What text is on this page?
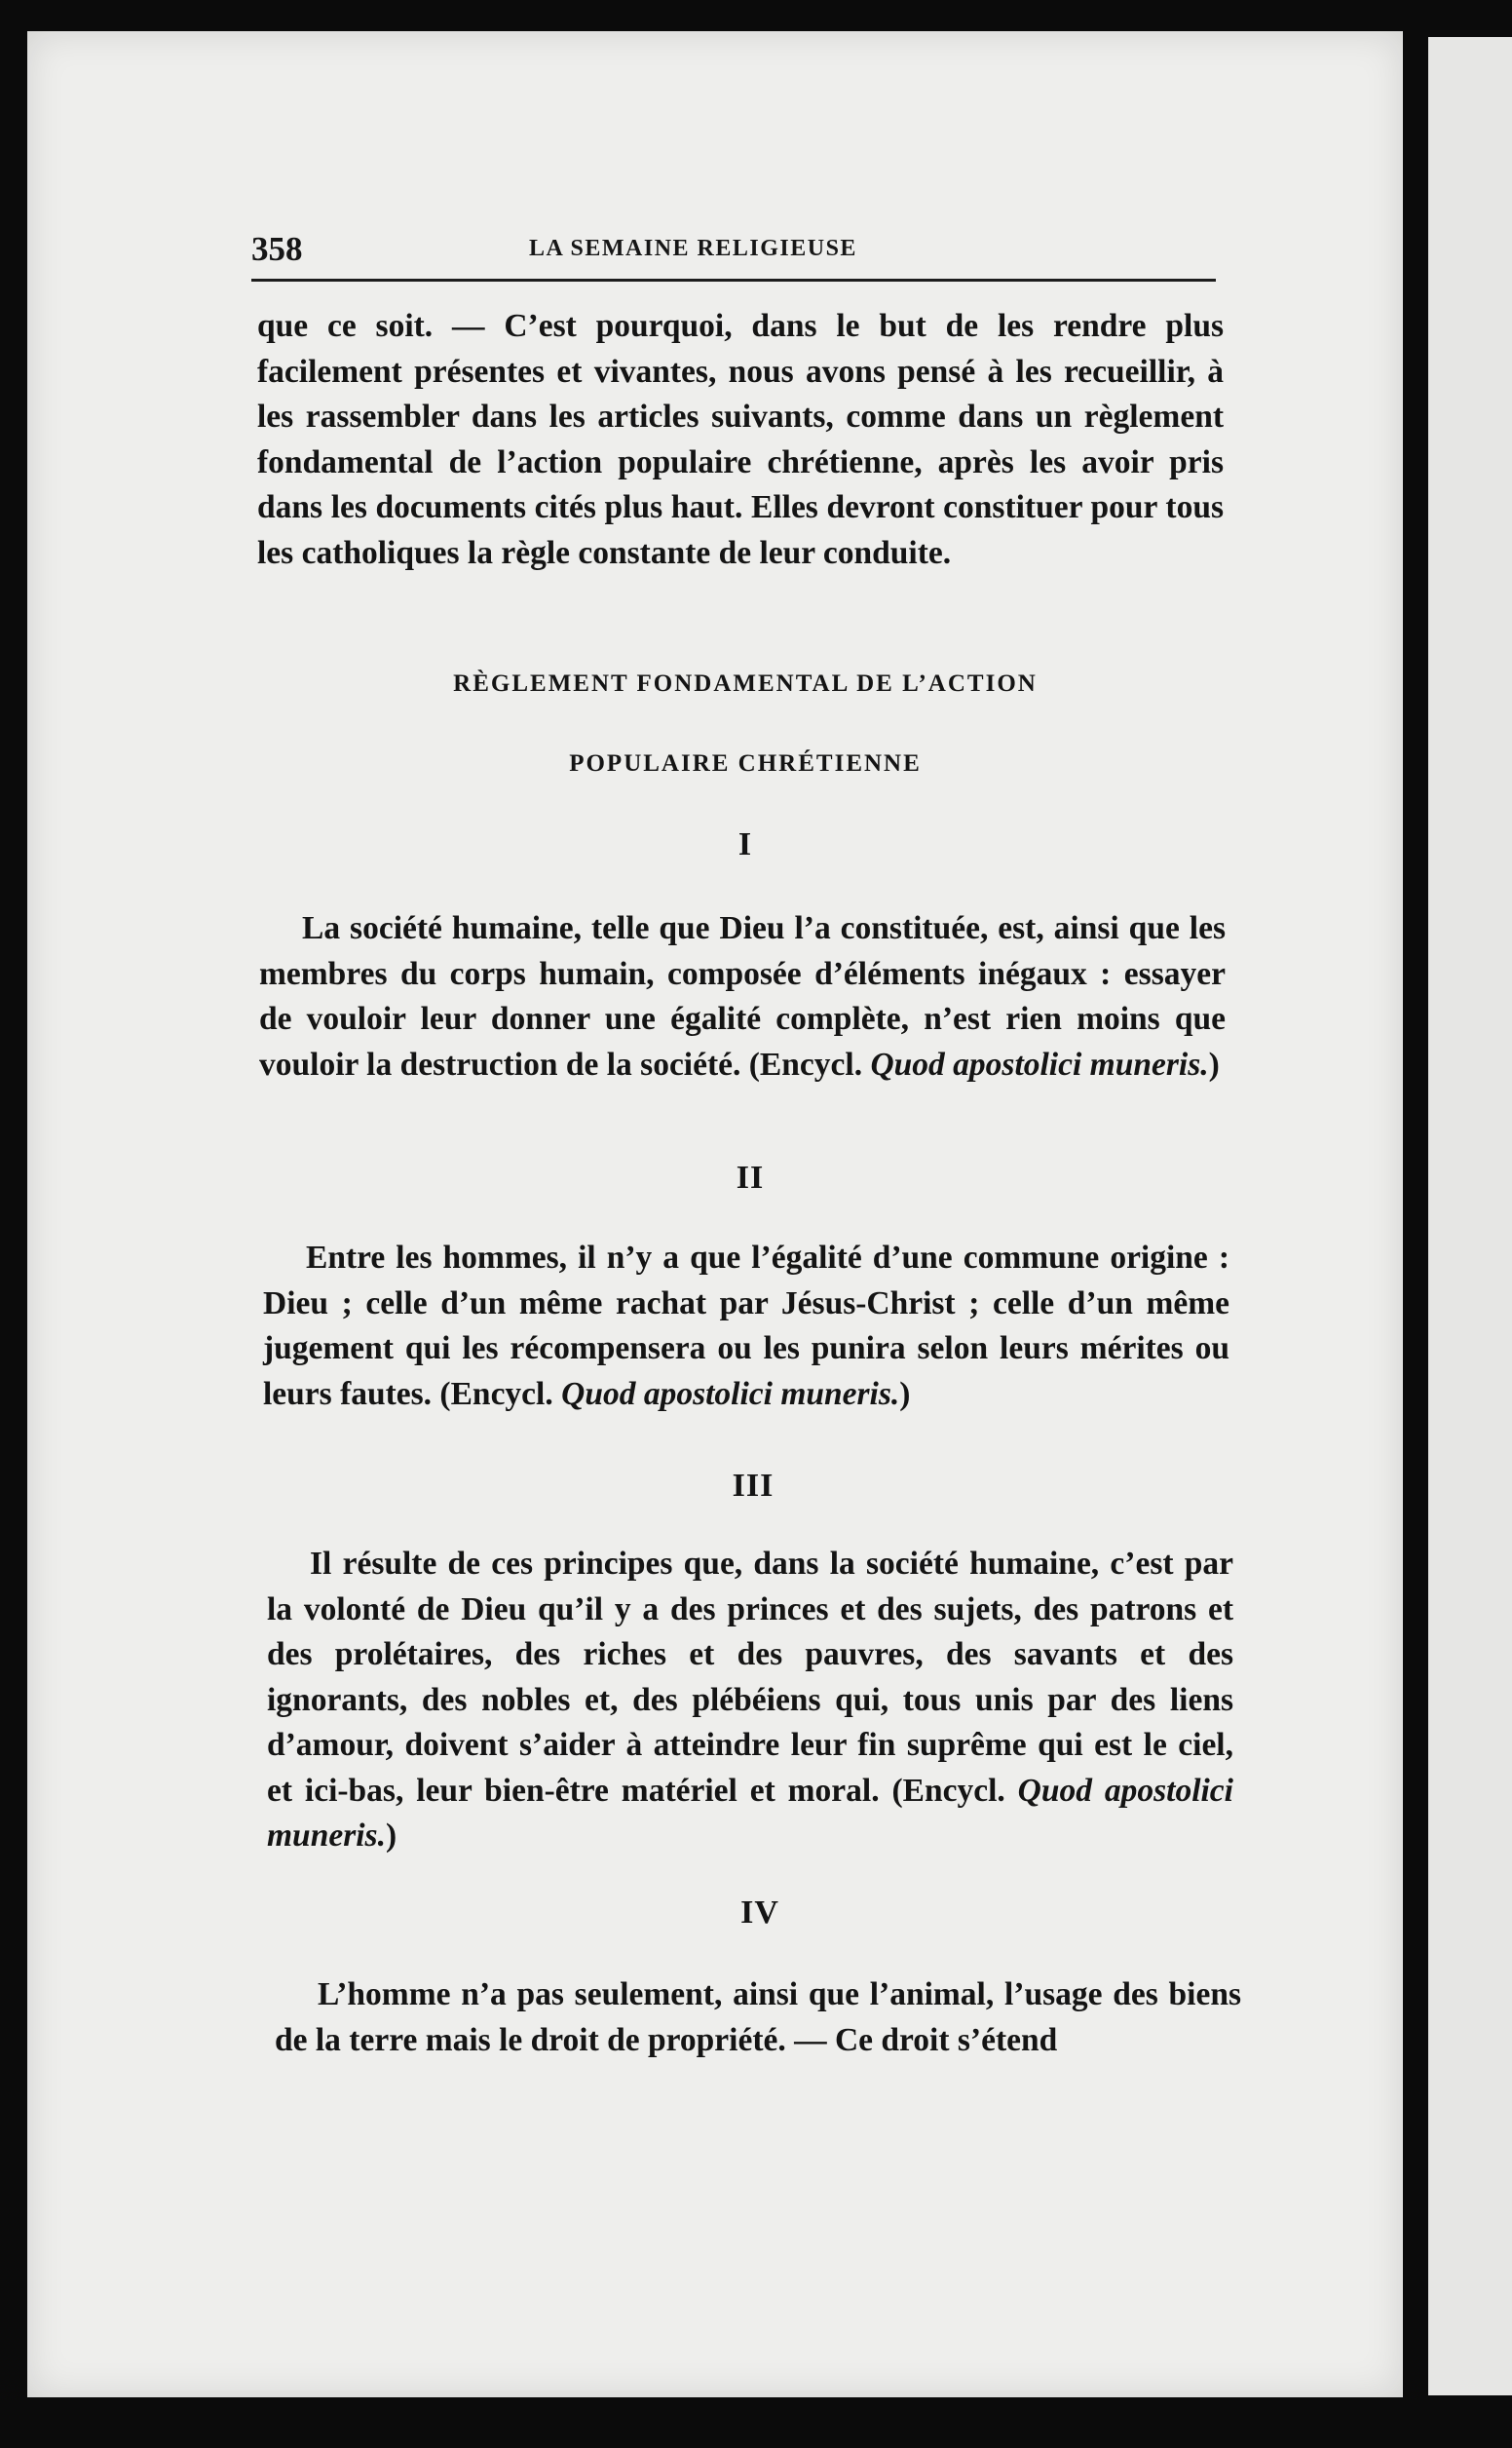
358	LA SEMAINE RELIGIEUSE
que ce soit. — C’est pourquoi, dans le but de les rendre plus facilement présentes et vivantes, nous avons pensé à les recueillir, à les rassembler dans les articles suivants, comme dans un règlement fondamental de l’action populaire chrétienne, après les avoir pris dans les documents cités plus haut. Elles devront constituer pour tous les catholiques la règle constante de leur conduite.
RÈGLEMENT FONDAMENTAL DE L’ACTION
POPULAIRE CHRÉTIENNE
I
La société humaine, telle que Dieu l’a constituée, est, ainsi que les membres du corps humain, composée d’éléments inégaux : essayer de vouloir leur donner une égalité complète, n’est rien moins que vouloir la destruction de la société. (Encycl. Quod apostolici muneris.)
II
Entre les hommes, il n’y a que l’égalité d’une commune origine : Dieu ; celle d’un même rachat par Jésus-Christ ; celle d’un même jugement qui les récompensera ou les punira selon leurs mérites ou leurs fautes. (Encycl. Quod apostolici muneris.)
III
Il résulte de ces principes que, dans la société humaine, c’est par la volonté de Dieu qu’il y a des princes et des sujets, des patrons et des prolétaires, des riches et des pauvres, des savants et des ignorants, des nobles et, des plébéiens qui, tous unis par des liens d’amour, doivent s’aider à atteindre leur fin suprême qui est le ciel, et ici-bas, leur bien-être matériel et moral. (Encycl. Quod apostolici muneris.)
IV
L’homme n’a pas seulement, ainsi que l’animal, l’usage des biens de la terre mais le droit de propriété. — Ce droit s’étend
